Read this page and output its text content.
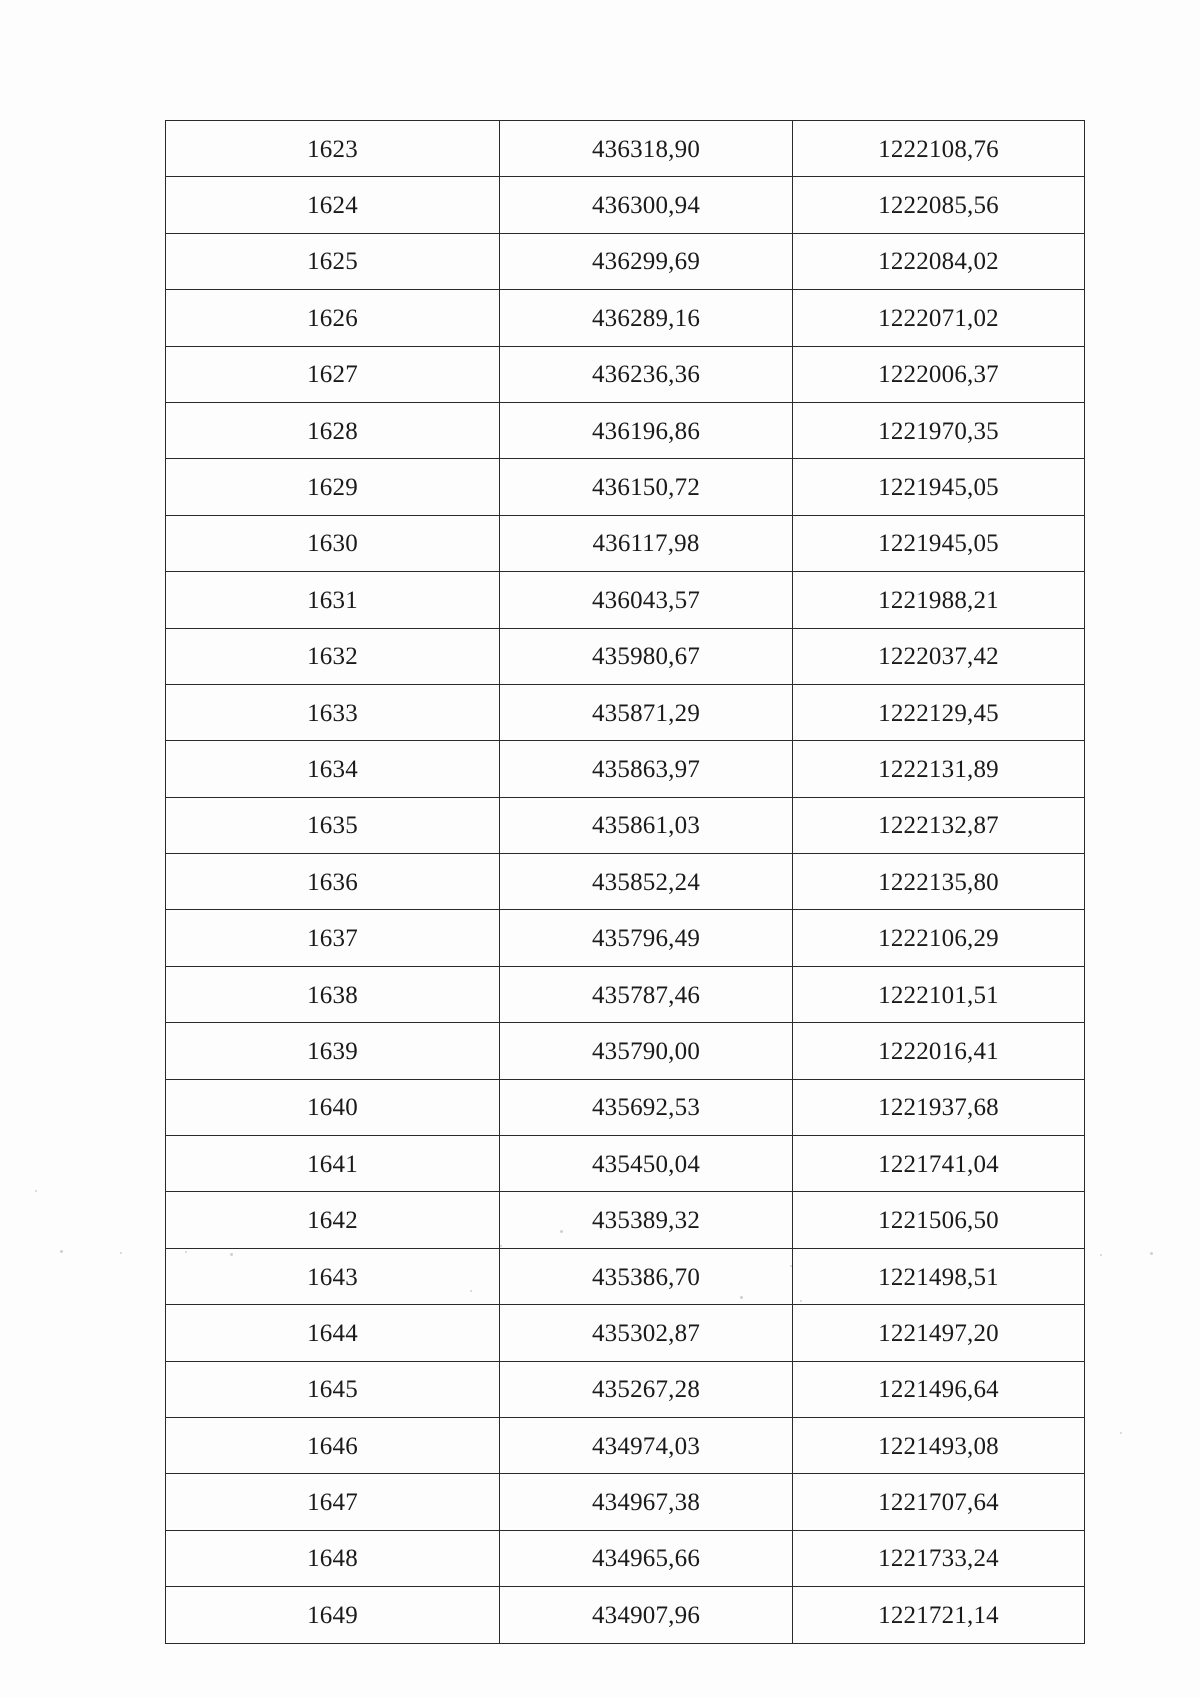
1623	436318,90	1222108,76
1624	436300,94	1222085,56
1625	436299,69	1222084,02
1626	436289,16	1222071,02
1627	436236,36	1222006,37
1628	436196,86	1221970,35
1629	436150,72	1221945,05
1630	436117,98	1221945,05
1631	436043,57	1221988,21
1632	435980,67	1222037,42
1633	435871,29	1222129,45
1634	435863,97	1222131,89
1635	435861,03	1222132,87
1636	435852,24	1222135,80
1637	435796,49	1222106,29
1638	435787,46	1222101,51
1639	435790,00	1222016,41
1640	435692,53	1221937,68
1641	435450,04	1221741,04
1642	435389,32	1221506,50
1643	435386,70	1221498,51
1644	435302,87	1221497,20
1645	435267,28	1221496,64
1646	434974,03	1221493,08
1647	434967,38	1221707,64
1648	434965,66	1221733,24
1649	434907,96	1221721,14
